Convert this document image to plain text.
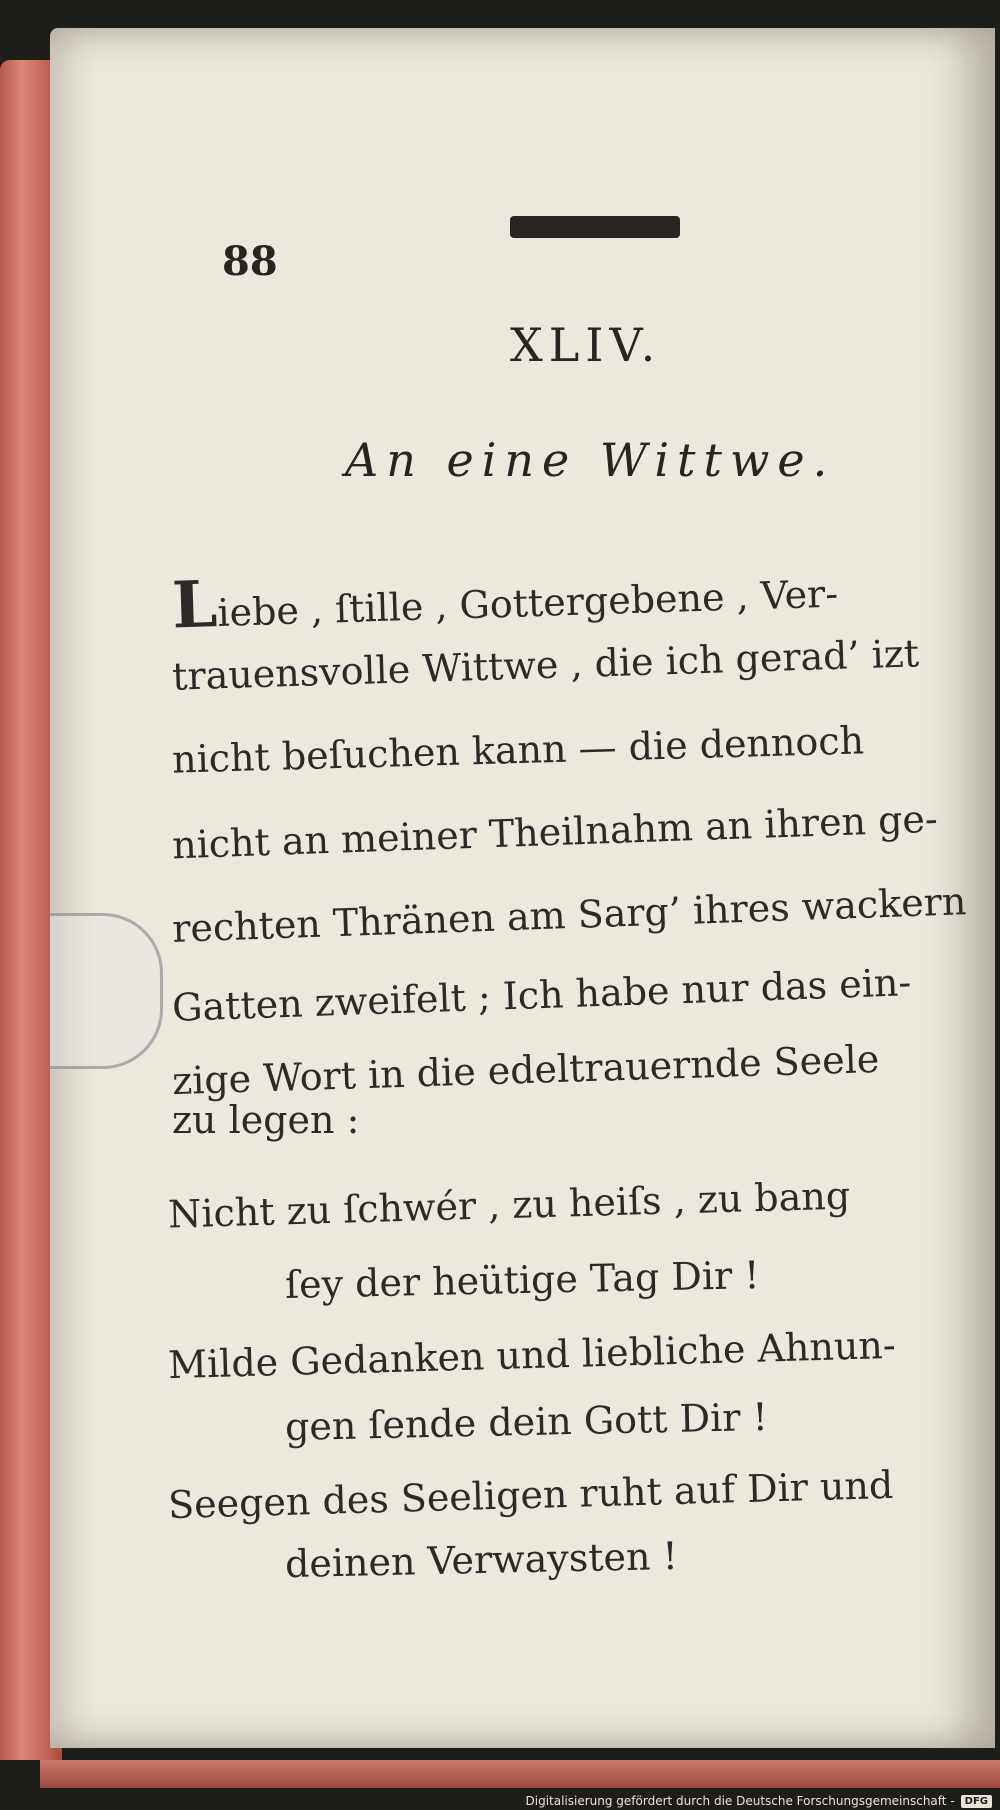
88
XLIV.
An eine Wittwe.
Liebe , ſtille , Gottergebene , Ver-
trauensvolle Wittwe , die ich gerad’ izt
nicht beſuchen kann — die dennoch
nicht an meiner Theilnahm an ihren ge-
rechten Thränen am Sarg’ ihres wackern
Gatten zweifelt ; Ich habe nur das ein-
zige Wort in die edeltrauernde Seele
zu legen :
Nicht zu ſchwér , zu heiſs , zu bang
ſey der heütige Tag Dir !
Milde Gedanken und liebliche Ahnun-
gen ſende dein Gott Dir !
Seegen des Seeligen ruht auf Dir und
deinen Verwaysten !
Digitalisierung gefördert durch die Deutsche Forschungsgemeinschaft -	DFG
